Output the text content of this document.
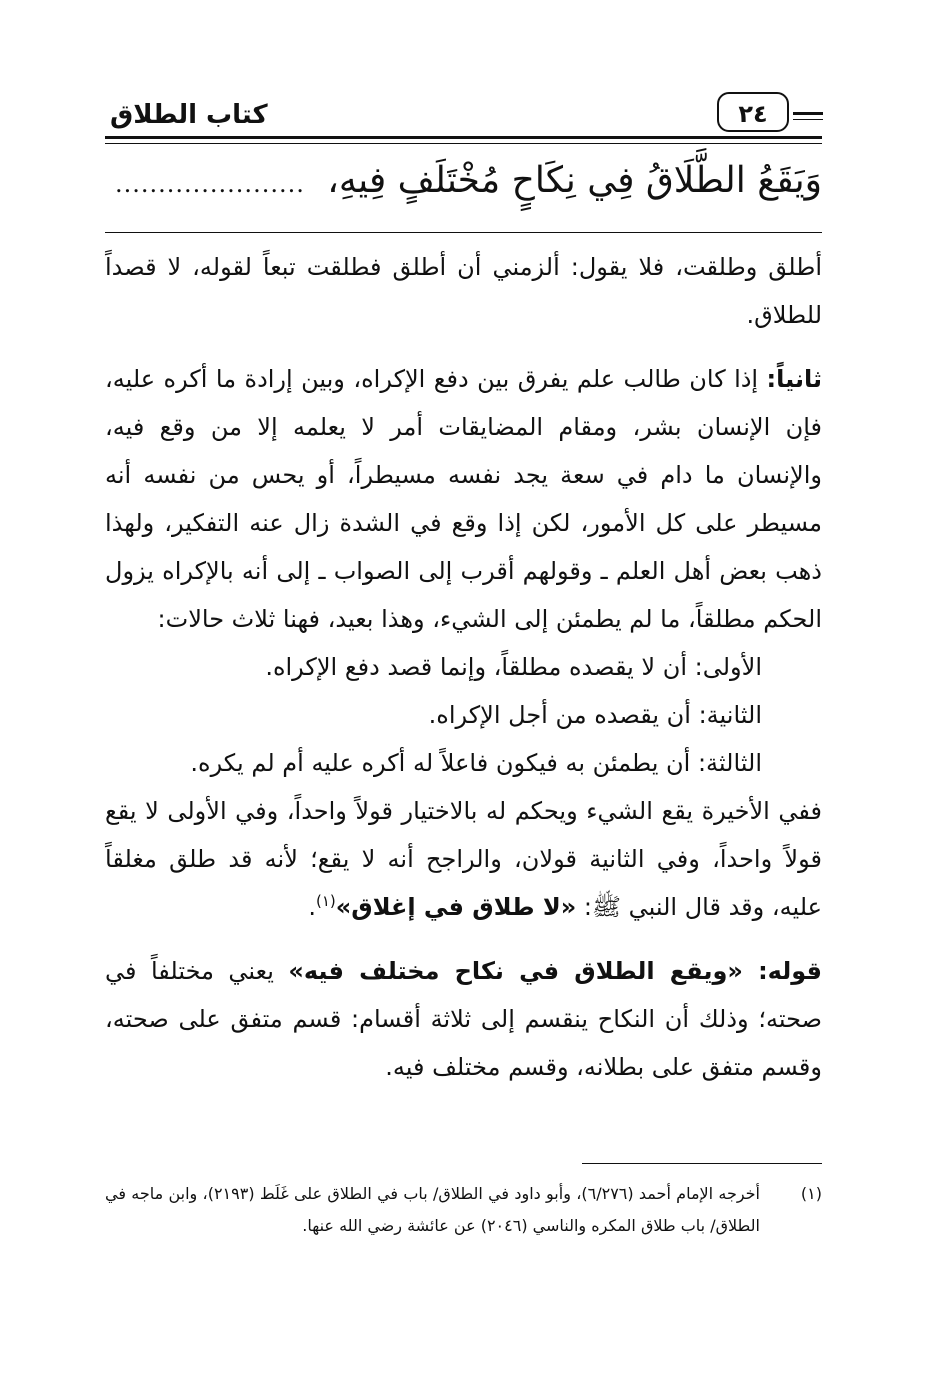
كتاب الطلاق	٢٤
وَيَقَعُ الطَّلَاقُ فِي نِكَاحٍ مُخْتَلَفٍ فِيهِ،
......................

أطلق وطلقت، فلا يقول: ألزمني أن أطلق فطلقت تبعاً لقوله، لا قصداً للطلاق.

ثانياً: إذا كان طالب علم يفرق بين دفع الإكراه، وبين إرادة ما أكره عليه، فإن الإنسان بشر، ومقام المضايقات أمر لا يعلمه إلا من وقع فيه، والإنسان ما دام في سعة يجد نفسه مسيطراً، أو يحس من نفسه أنه مسيطر على كل الأمور، لكن إذا وقع في الشدة زال عنه التفكير، ولهذا ذهب بعض أهل العلم ـ وقولهم أقرب إلى الصواب ـ إلى أنه بالإكراه يزول الحكم مطلقاً، ما لم يطمئن إلى الشيء، وهذا بعيد، فهنا ثلاث حالات:

الأولى: أن لا يقصده مطلقاً، وإنما قصد دفع الإكراه.

الثانية: أن يقصده من أجل الإكراه.

الثالثة: أن يطمئن به فيكون فاعلاً له أكره عليه أم لم يكره.

ففي الأخيرة يقع الشيء ويحكم له بالاختيار قولاً واحداً، وفي الأولى لا يقع قولاً واحداً، وفي الثانية قولان، والراجح أنه لا يقع؛ لأنه قد طلق مغلقاً عليه، وقد قال النبي ﷺ: «لا طلاق في إغلاق»$^{(١)}$.

قوله: «ويقع الطلاق في نكاح مختلف فيه» يعني مختلفاً في صحته؛ وذلك أن النكاح ينقسم إلى ثلاثة أقسام: قسم متفق على صحته، وقسم متفق على بطلانه، وقسم مختلف فيه.

(١)
أخرجه الإمام أحمد (٦/٢٧٦)، وأبو داود في الطلاق/ باب في الطلاق على غَلَط (٢١٩٣)، وابن ماجه في الطلاق/ باب طلاق المكره والناسي (٢٠٤٦) عن عائشة رضي الله عنها.
